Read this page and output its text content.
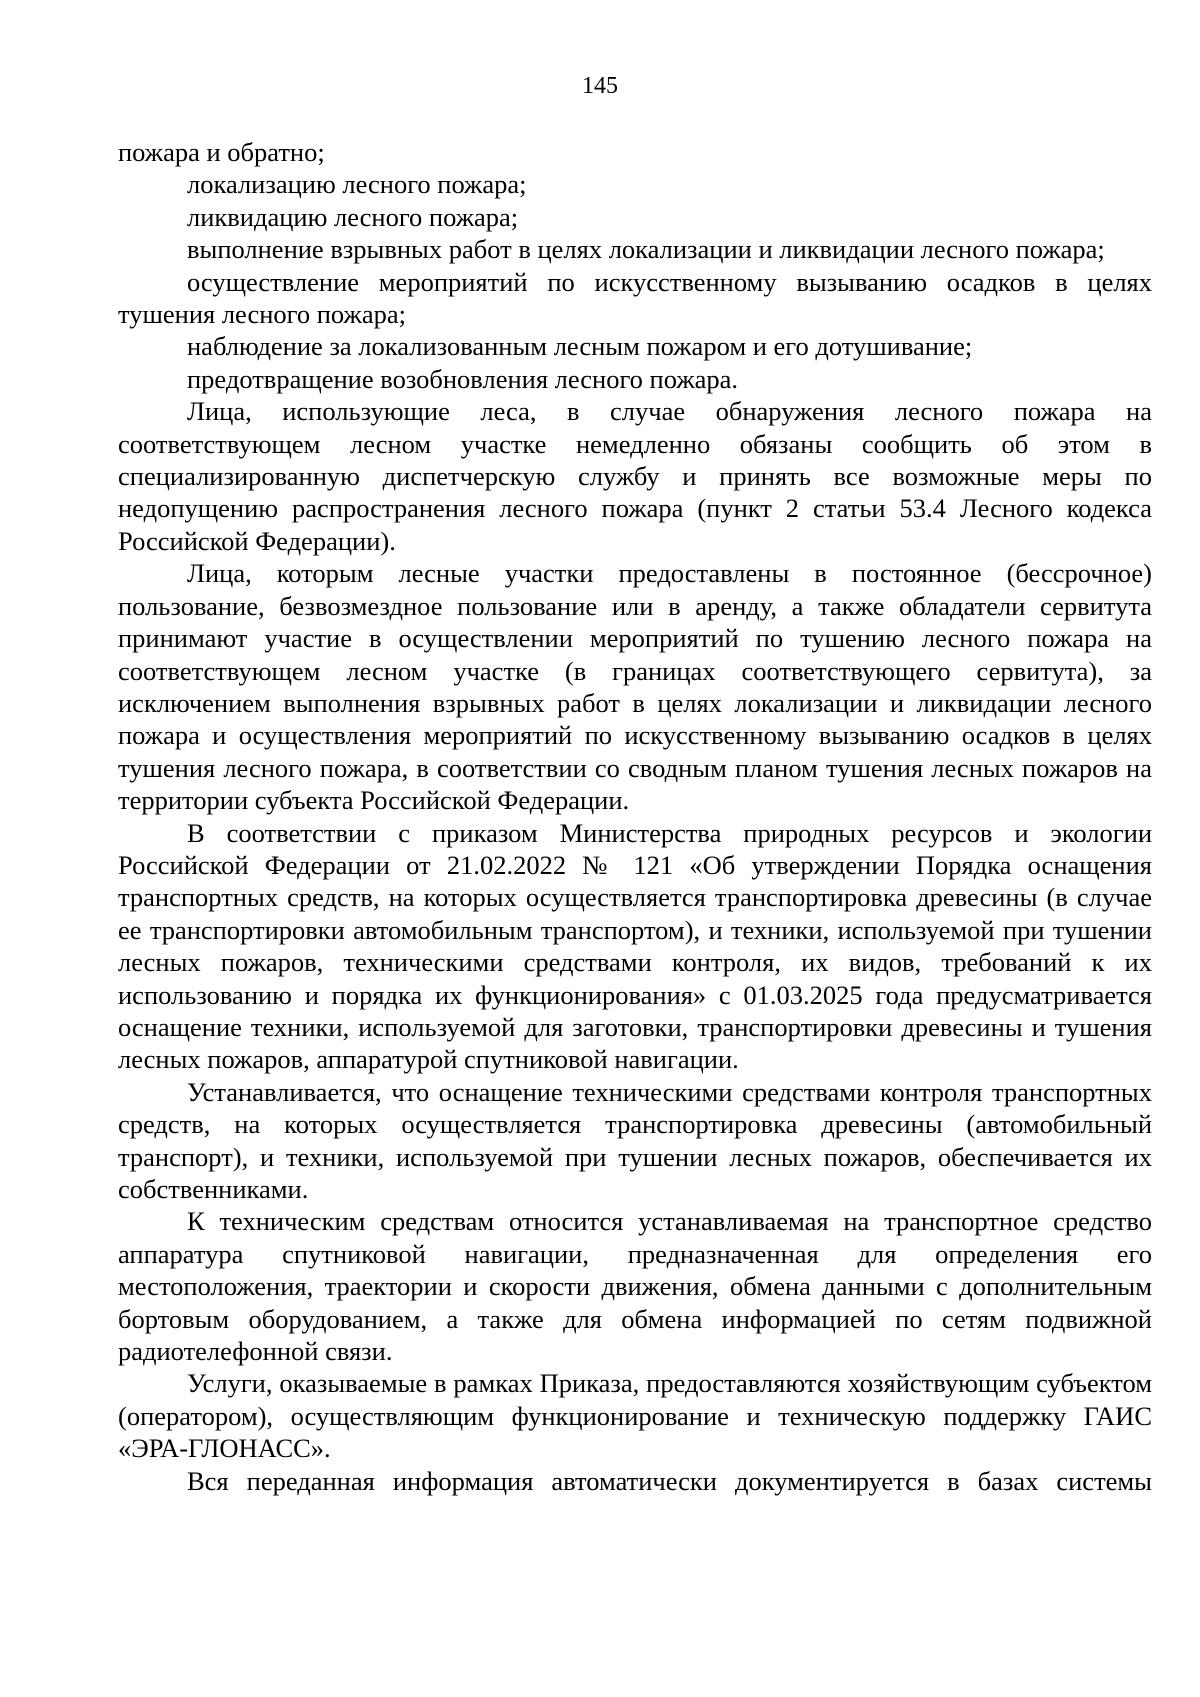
145

пожара и обратно;

локализацию лесного пожара;

ликвидацию лесного пожара;

выполнение взрывных работ в целях локализации и ликвидации лесного пожара;

осуществление мероприятий по искусственному вызыванию осадков в целях тушения лесного пожара;

наблюдение за локализованным лесным пожаром и его дотушивание;

предотвращение возобновления лесного пожара.

Лица, использующие леса, в случае обнаружения лесного пожара на соответствующем лесном участке немедленно обязаны сообщить об этом в специализированную диспетчерскую службу и принять все возможные меры по недопущению распространения лесного пожара (пункт 2 статьи 53.4 Лесного кодекса Российской Федерации).

Лица, которым лесные участки предоставлены в постоянное (бессрочное) пользование, безвозмездное пользование или в аренду, а также обладатели сервитута принимают участие в осуществлении мероприятий по тушению лесного пожара на соответствующем лесном участке (в границах соответствующего сервитута), за исключением выполнения взрывных работ в целях локализации и ликвидации лесного пожара и осуществления мероприятий по искусственному вызыванию осадков в целях тушения лесного пожара, в соответствии со сводным планом тушения лесных пожаров на территории субъекта Российской Федерации.

В соответствии с приказом Министерства природных ресурсов и экологии Российской Федерации от 21.02.2022 № 121 «Об утверждении Порядка оснащения транспортных средств, на которых осуществляется транспортировка древесины (в случае ее транспортировки автомобильным транспортом), и техники, используемой при тушении лесных пожаров, техническими средствами контроля, их видов, требований к их использованию и порядка их функционирования» с 01.03.2025 года предусматривается оснащение техники, используемой для заготовки, транспортировки древесины и тушения лесных пожаров, аппаратурой спутниковой навигации.

Устанавливается, что оснащение техническими средствами контроля транспортных средств, на которых осуществляется транспортировка древесины (автомобильный транспорт), и техники, используемой при тушении лесных пожаров, обеспечивается их собственниками.

К техническим средствам относится устанавливаемая на транспортное средство аппаратура спутниковой навигации, предназначенная для определения его местоположения, траектории и скорости движения, обмена данными с дополнительным бортовым оборудованием, а также для обмена информацией по сетям подвижной радиотелефонной связи.

Услуги, оказываемые в рамках Приказа, предоставляются хозяйствующим субъектом (оператором), осуществляющим функционирование и техническую поддержку ГАИС «ЭРА-ГЛОНАСС».

Вся переданная информация автоматически документируется в базах системы
